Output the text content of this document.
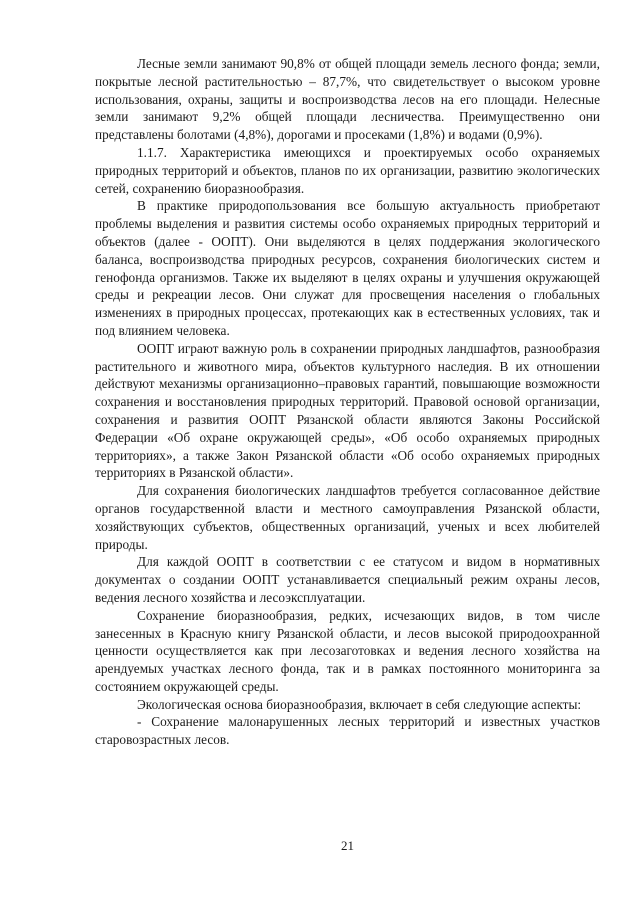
Лесные земли занимают 90,8% от общей площади земель лесного фонда; земли, покрытые лесной растительностью – 87,7%, что свидетельствует о высоком уровне использования, охраны, защиты и воспроизводства лесов на его площади. Нелесные земли занимают 9,2% общей площади лесничества. Преимущественно они представлены болотами (4,8%), дорогами и просеками (1,8%) и водами (0,9%).

1.1.7. Характеристика имеющихся и проектируемых особо охраняемых природных территорий и объектов, планов по их организации, развитию экологических сетей, сохранению биоразнообразия.

В практике природопользования все большую актуальность приобретают проблемы выделения и развития системы особо охраняемых природных территорий и объектов (далее - ООПТ). Они выделяются в целях поддержания экологического баланса, воспроизводства природных ресурсов, сохранения биологических систем и генофонда организмов. Также их выделяют в целях охраны и улучшения окружающей среды и рекреации лесов. Они служат для просвещения населения о глобальных изменениях в природных процессах, протекающих как в естественных условиях, так и под влиянием человека.

ООПТ играют важную роль в сохранении природных ландшафтов, разнообразия растительного и животного мира, объектов культурного наследия. В их отношении действуют механизмы организационно–правовых гарантий, повышающие возможности сохранения и восстановления природных территорий. Правовой основой организации, сохранения и развития ООПТ Рязанской области являются Законы Российской Федерации «Об охране окружающей среды», «Об особо охраняемых природных территориях», а также Закон Рязанской области «Об особо охраняемых природных территориях в Рязанской области».

Для сохранения биологических ландшафтов требуется согласованное действие органов государственной власти и местного самоуправления Рязанской области, хозяйствующих субъектов, общественных организаций, ученых и всех любителей природы.

Для каждой ООПТ в соответствии с ее статусом и видом в нормативных документах о создании ООПТ устанавливается специальный режим охраны лесов, ведения лесного хозяйства и лесоэксплуатации.

Сохранение биоразнообразия, редких, исчезающих видов, в том числе занесенных в Красную книгу Рязанской области, и лесов высокой природоохранной ценности осуществляется как при лесозаготовках и ведения лесного хозяйства на арендуемых участках лесного фонда, так и в рамках постоянного мониторинга за состоянием окружающей среды.

Экологическая основа биоразнообразия, включает в себя следующие аспекты:

- Сохранение малонарушенных лесных территорий и известных участков старовозрастных лесов.

21
